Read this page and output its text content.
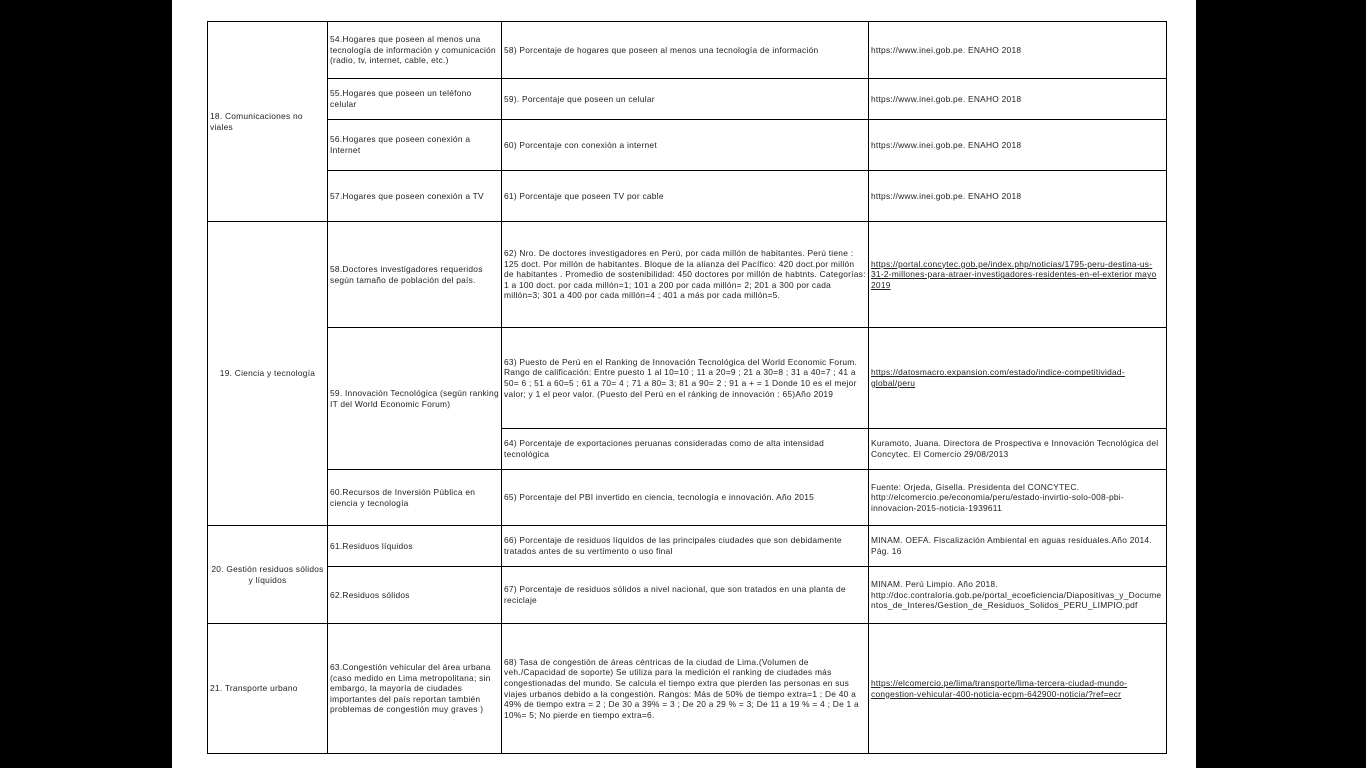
18. Comunicaciones no viales	54.Hogares que poseen al menos una tecnología de información y comunicación (radio, tv, internet, cable, etc.)	58) Porcentaje de hogares que poseen al menos una tecnología de información	https://www.inei.gob.pe. ENAHO 2018
	55.Hogares que poseen un teléfono celular	59). Porcentaje que poseen un celular	https://www.inei.gob.pe. ENAHO 2018
	56.Hogares que poseen conexión a Internet	60) Porcentaje con conexión a internet	https://www.inei.gob.pe. ENAHO 2018
	57.Hogares que poseen conexión a TV	61) Porcentaje que poseen TV por cable	https://www.inei.gob.pe. ENAHO 2018
19. Ciencia y tecnología	58.Doctores investigadores requeridos según tamaño de población del país.	62) Nro. De doctores investigadores en Perú, por cada millón de habitantes. Perú tiene : 125 doct. Por millón de habitantes. Bloque de la alianza del Pacífico: 420 doct.por millón de habitantes . Promedio de sostenibilidad: 450 doctores por millón de habtnts. Categorías: 1 a 100 doct. por cada millón=1; 101 a 200 por cada millón= 2; 201 a 300 por cada millón=3; 301 a 400 por cada millón=4 ; 401 a más por cada millón=5.	https://portal.concytec.gob.pe/index.php/noticias/1795-peru-destina-us-31-2-millones-para-atraer-investigadores-residentes-en-el-exterior mayo 2019
	59. Innovación Tecnológica (según ranking IT del World Economic Forum)	63) Puesto de Perú en el Ranking de Innovación Tecnológica del World Economic Forum. Rango de calificación: Entre puesto 1 al 10=10 ; 11 a 20=9 ; 21 a 30=8 ; 31 a 40=7 ; 41 a 50= 6 ; 51 a 60=5 ; 61 a 70= 4 ; 71 a 80= 3; 81 a 90= 2 ; 91 a + = 1 Donde 10 es el mejor valor; y 1 el peor valor. (Puesto del Perú en el ránking de innovación : 65)Año 2019	https://datosmacro.expansion.com/estado/indice-competitividad-global/peru
		64) Porcentaje de exportaciones peruanas consideradas como de alta intensidad tecnológica	Kuramoto, Juana. Directora de Prospectiva e Innovación Tecnológica del Concytec. El Comercio 29/08/2013
	60.Recursos de Inversión Pública en ciencia y tecnología	65) Porcentaje del PBI invertido en ciencia, tecnología e innovación. Año 2015	Fuente: Orjeda, Gisella. Presidenta del CONCYTEC. http://elcomercio.pe/economia/peru/estado-invirtio-solo-008-pbi-innovacion-2015-noticia-1939611
20. Gestión residuos sólidos y líquidos	61.Residuos líquidos	66) Porcentaje de residuos líquidos de las principales ciudades que son debidamente tratados antes de su vertimento o uso final	MINAM. OEFA. Fiscalización Ambiental en aguas residuales.Año 2014. Pág. 16
	62.Residuos sólidos	67) Porcentaje de residuos sólidos a nivel nacional, que son tratados en una planta de reciclaje	MINAM. Perú Limpio. Año 2018. http://doc.contraloria.gob.pe/portal_ecoeficiencia/Diapositivas_y_Documentos_de_Interes/Gestion_de_Residuos_Solidos_PERU_LIMPIO.pdf
21. Transporte urbano	63.Congestión vehicular del área urbana (caso medido en Lima metropolitana; sin embargo, la mayoría de ciudades importantes del país reportan también problemas de congestión muy graves )	68) Tasa de congestión de áreas céntricas de la ciudad de Lima.(Volumen de veh./Capacidad de soporte) Se utiliza para la medición el ranking de ciudades más congestionadas del mundo. Se calcula el tiempo extra que pierden las personas en sus viajes urbanos debido a la congestión. Rangos: Más de 50% de tiempo extra=1 ; De 40 a 49% de tiempo extra = 2 ; De 30 a 39% = 3 ; De 20 a 29 % = 3; De 11 a 19 % = 4 ; De 1 a 10%= 5; No pierde en tiempo extra=6.	https://elcomercio.pe/lima/transporte/lima-tercera-ciudad-mundo-congestion-vehicular-400-noticia-ecpm-642900-noticia/?ref=ecr
